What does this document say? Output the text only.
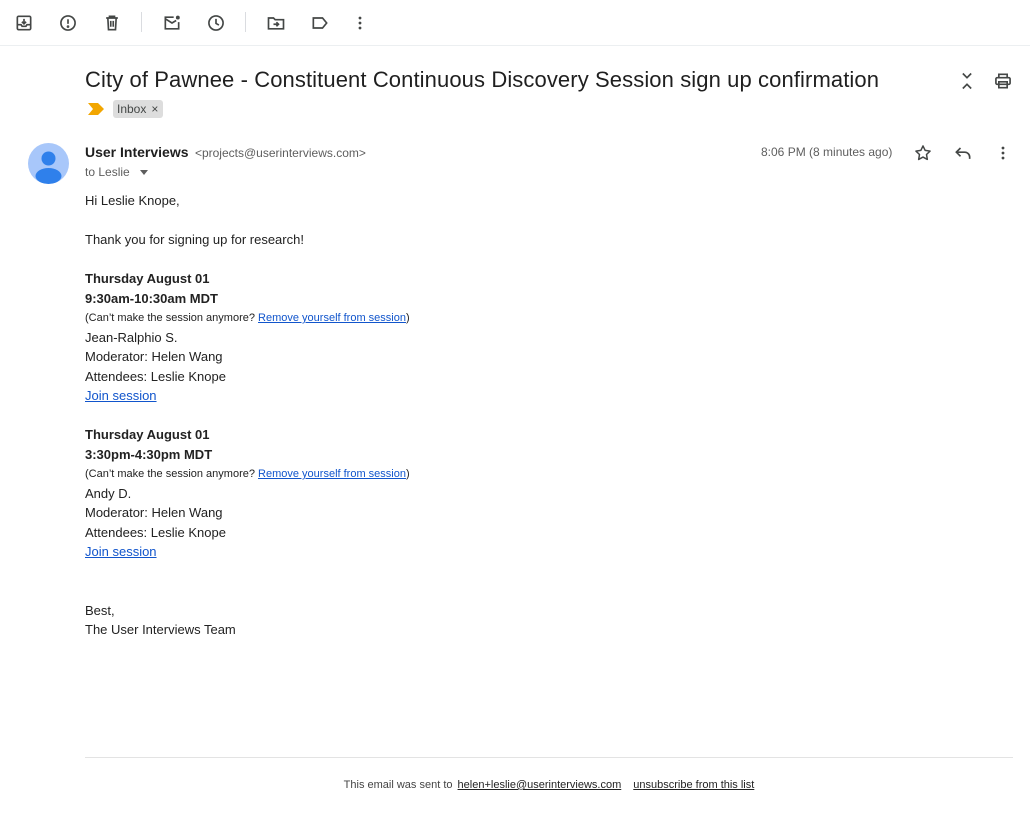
City of Pawnee - Constituent Continuous Discovery Session sign up confirmation
Inbox ×
User Interviews <projects@userinterviews.com>
to Leslie
8:06 PM (8 minutes ago)
Hi Leslie Knope,
Thank you for signing up for research!
Thursday August 01
9:30am-10:30am MDT
(Can’t make the session anymore? Remove yourself from session)
Jean-Ralphio S.
Moderator: Helen Wang
Attendees: Leslie Knope
Join session
Thursday August 01
3:30pm-4:30pm MDT
(Can’t make the session anymore? Remove yourself from session)
Andy D.
Moderator: Helen Wang
Attendees: Leslie Knope
Join session
Best,
The User Interviews Team
This email was sent to helen+leslie@userinterviews.com unsubscribe from this list
